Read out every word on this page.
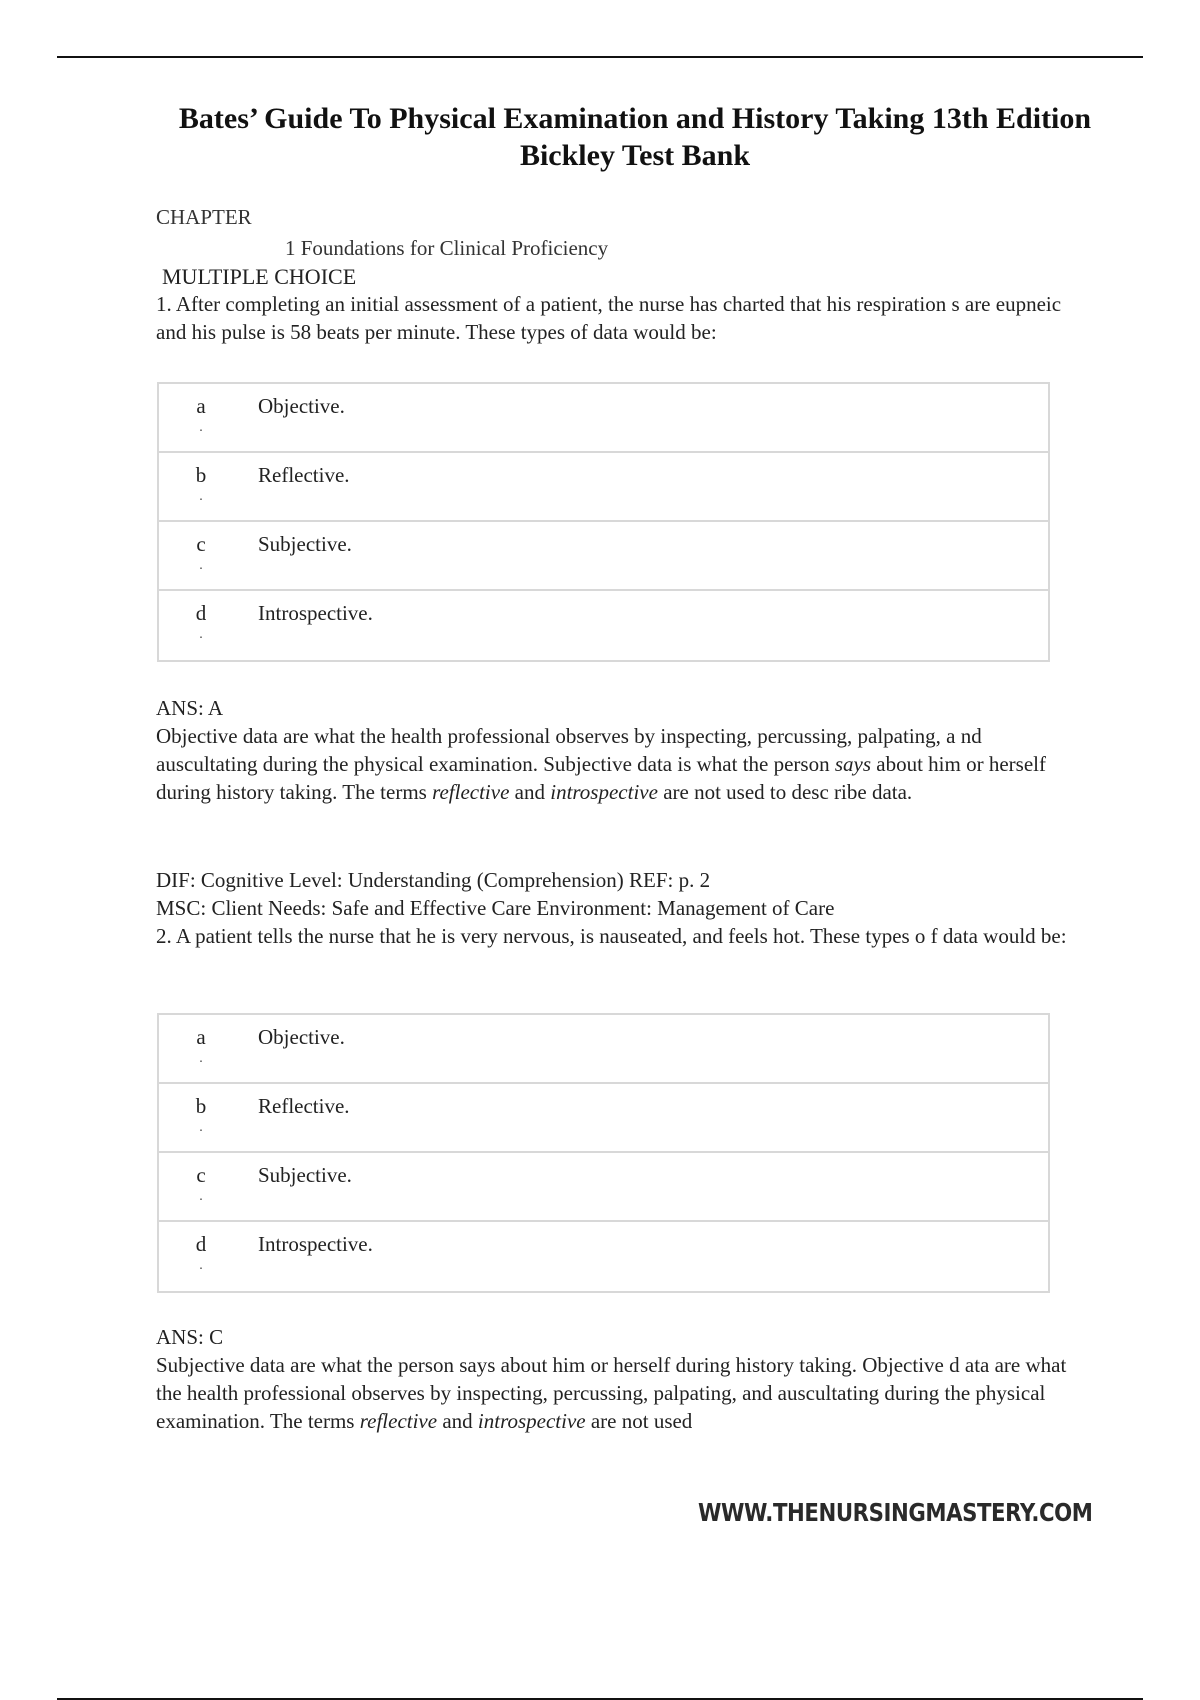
Bates’ Guide To Physical Examination and History Taking 13th Edition Bickley Test Bank
CHAPTER
1 Foundations for Clinical Proficiency
MULTIPLE CHOICE
1. After completing an initial assessment of a patient, the nurse has charted that his respiration s are eupneic and his pulse is 58 beats per minute. These types of data would be:
a
.
Objective.
b
.
Reflective.
c
.
Subjective.
d
.
Introspective.
ANS: A
Objective data are what the health professional observes by inspecting, percussing, palpating, a nd auscultating during the physical examination. Subjective data is what the person says about him or herself during history taking. The terms reflective and introspective are not used to desc ribe data.
DIF: Cognitive Level: Understanding (Comprehension) REF: p. 2
MSC: Client Needs: Safe and Effective Care Environment: Management of Care
2. A patient tells the nurse that he is very nervous, is nauseated, and feels hot. These types o f data would be:
a
.
Objective.
b
.
Reflective.
c
.
Subjective.
d
.
Introspective.
ANS: C
Subjective data are what the person says about him or herself during history taking. Objective d ata are what the health professional observes by inspecting, percussing, palpating, and auscultating during the physical examination. The terms reflective and introspective are not used
WWW.THENURSINGMASTERY.COM
